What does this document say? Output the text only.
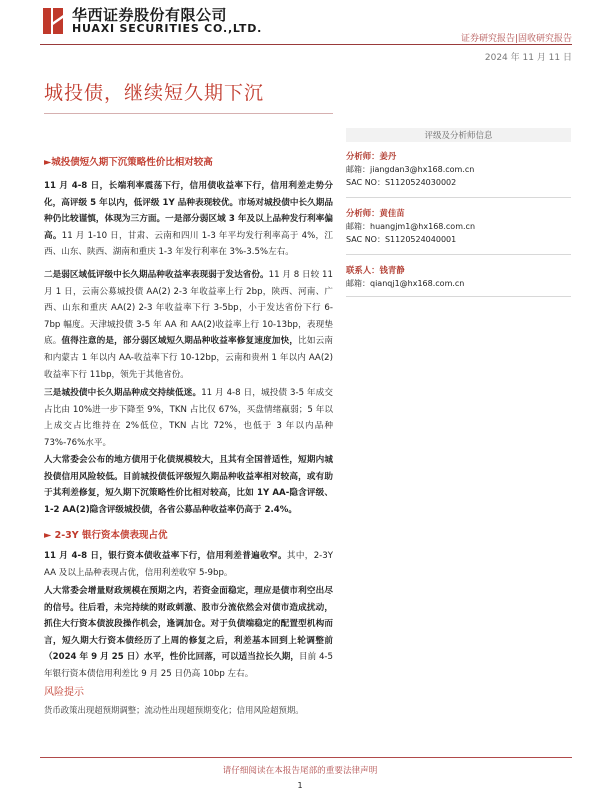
华西证券股份有限公司
HUAXI SECURITIES CO.,LTD.
证券研究报告|固收研究报告
2024 年 11 月 11 日
城投债，继续短久期下沉
►城投债短久期下沉策略性价比相对较高
11 月 4-8 日，长端利率震荡下行，信用债收益率下行，信用利差走势分化，高评级 5 年以内，低评级 1Y 品种表现较优。市场对城投债中长久期品种仍比较谨慎，体现为三方面。一是部分弱区域 3 年及以上品种发行利率偏高。11 月 1-10 日，甘肃、云南和四川 1-3 年平均发行利率高于 4%，江西、山东、陕西、湖南和重庆 1-3 年发行利率在 3%-3.5%左右。
二是弱区域低评级中长久期品种收益率表现弱于发达省份。11 月 8 日较 11 月 1 日，云南公募城投债 AA(2) 2-3 年收益率上行 2bp，陕西、河南、广西、山东和重庆 AA(2) 2-3 年收益率下行 3-5bp，小于发达省份下行 6-7bp 幅度。天津城投债 3-5 年 AA 和 AA(2)收益率上行 10-13bp，表现垫底。值得注意的是，部分弱区域短久期品种收益率修复速度加快，比如云南和内蒙古 1 年以内 AA-收益率下行 10-12bp，云南和贵州 1 年以内 AA(2)收益率下行 11bp，领先于其他省份。
三是城投债中长久期品种成交持续低迷。11 月 4-8 日，城投债 3-5 年成交占比由 10%进一步下降至 9%，TKN 占比仅 67%，买盘情绪羸弱；5 年以上成交占比维持在 2%低位，TKN 占比 72%，也低于 3 年以内品种 73%-76%水平。
人大常委会公布的地方债用于化债规模较大，且其有全国普适性，短期内城投债信用风险较低。目前城投债低评级短久期品种收益率相对较高，或有助于其利差修复，短久期下沉策略性价比相对较高，比如 1Y AA-隐含评级、1-2 AA(2)隐含评级城投债，各省公募品种收益率仍高于 2.4%。
► 2-3Y 银行资本债表现占优
11 月 4-8 日，银行资本债收益率下行，信用利差普遍收窄。其中，2-3Y AA 及以上品种表现占优，信用利差收窄 5-9bp。
人大常委会增量财政规模在预期之内，若资金面稳定，理应是债市利空出尽的信号。往后看，未完持续的财政刺激、股市分流依然会对债市造成扰动，抓住大行资本债波段操作机会，逢调加仓。对于负债端稳定的配置型机构而言，短久期大行资本债经历了上周的修复之后，利差基本回到上轮调整前（2024 年 9 月 25 日）水平，性价比回落，可以适当拉长久期，目前 4-5 年银行资本债信用利差比 9 月 25 日仍高 10bp 左右。
风险提示
货币政策出现超预期调整；流动性出现超预期变化；信用风险超预期。
评级及分析师信息
分析师：姜丹
邮箱：jiangdan3@hx168.com.cn
SAC NO：S1120524030002
分析师：黄佳苗
邮箱：huangjm1@hx168.com.cn
SAC NO：S1120524040001
联系人：钱青静
邮箱：qianqj1@hx168.com.cn
请仔细阅读在本报告尾部的重要法律声明
1
